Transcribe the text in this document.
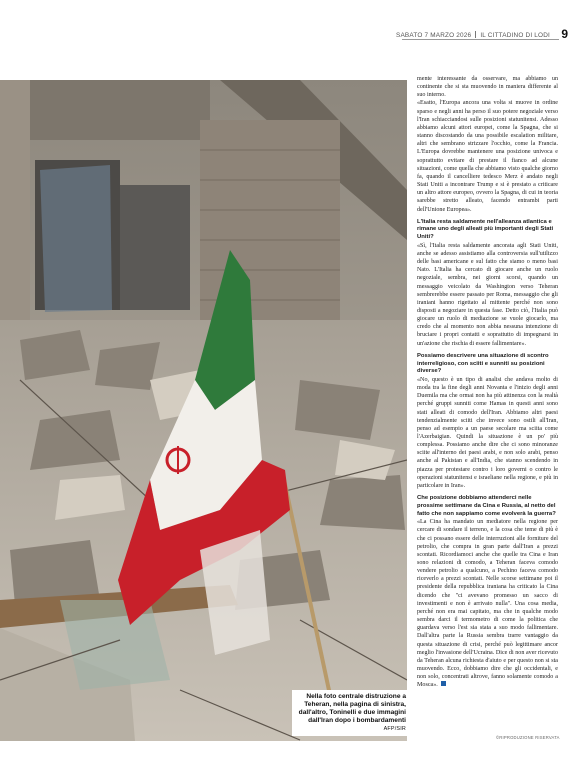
SABATO 7 MARZO 2026 IL CITTADINO DI LODI 9
Nella foto centrale distruzione a Teheran, nella pagina di sinistra, dall'altro, Toninelli e due immagini dall'Iran dopo i bombardamenti AFP/SIR

mente interessante da osservare, ma abbiamo un continente che si sta muovendo in maniera differente al suo interno.

«Esatto, l'Europa ancora una volta si muove in ordine sparso e negli anni ha perso il suo potere negoziale verso l'Iran schiacciandosi sulle posizioni statunitensi. Adesso abbiamo alcuni attori europei, come la Spagna, che si stanno discostando da una possibile escalation militare, altri che sembrano strizzare l'occhio, come la Francia. L'Europa dovrebbe mantenere una posizione univoca e soprattutto evitare di prestare il fianco ad alcune situazioni, come quella che abbiamo visto qualche giorno fa, quando il cancelliere tedesco Merz è andato negli Stati Uniti a incontrare Trump e si è prestato a criticare un altro attore europeo, ovvero la Spagna, di cui in teoria sarebbe stretto alleato, facendo entrambi parti dell'Unione Europea».

L'Italia resta saldamente nell'alleanza atlantica e rimane uno degli alleati più importanti degli Stati Uniti?

«Sì, l'Italia resta saldamente ancorata agli Stati Uniti, anche se adesso assistiamo alla controversia sull'utilizzo delle basi americane e sul fatto che siamo o meno basi Nato. L'Italia ha cercato di giocare anche un ruolo negoziale, sembra, nei giorni scorsi, quando un messaggio veicolato da Washington verso Teheran sembrerebbe essere passato per Roma, messaggio che gli iraniani hanno rigettato al mittente perché non sono disposti a negoziare in questa fase. Detto ciò, l'Italia può giocare un ruolo di mediazione se vuole giocarlo, ma credo che al momento non abbia nessuna intenzione di bruciare i propri contatti e soprattutto di impegnarsi in un'azione che rischia di essere fallimentare».

Possiamo descrivere una situazione di scontro interreligioso, con sciiti e sunniti su posizioni diverse?

«No, questo è un tipo di analisi che andava molto di moda tra la fine degli anni Novanta e l'inizio degli anni Duemila ma che ormai non ha più attinenza con la realtà perché gruppi sunniti come Hamas in questi anni sono stati alleati di comodo dell'Iran. Abbiamo altri paesi tendenzialmente sciiti che invece sono ostili all'Iran, penso ad esempio a un paese secolare ma sciita come l'Azerbaigian. Quindi la situazione è un po' più complessa. Possiamo anche dire che ci sono minoranze sciite all'interno dei paesi arabi, e non solo arabi, penso anche al Pakistan e all'India, che stanno scendendo in piazza per protestare contro i loro governi o contro le operazioni statunitensi e israeliane nella regione, e più in particolare in Iran».

Che posizione dobbiamo attenderci nelle prossime settimane da Cina e Russia, al netto del fatto che non sappiamo come evolverà la guerra?

«La Cina ha mandato un mediatore nella regione per cercare di sondare il terreno, e la cosa che teme di più è che ci possano essere delle interruzioni alle forniture del petrolio, che compra in gran parte dall'Iran a prezzi scontati. Ricordiamoci anche che quelle tra Cina e Iran sono relazioni di comodo, a Teheran faceva comodo vendere petrolio a qualcuno, a Pechino faceva comodo riceverlo a prezzi scontati. Nelle scorse settimane poi il presidente della repubblica iraniana ha criticato la Cina dicendo che "ci avevano promesso un sacco di investimenti e non è arrivato nulla". Una cosa media, perché non era mai capitato, ma che in qualche modo sembra darci il termometro di come la politica che guardava verso l'est sia stata a suo modo fallimentare. Dall'altra parte la Russia sembra trarre vantaggio da questa situazione di crisi, perché può legittimare ancor meglio l'invasione dell'Ucraina. Dice di non aver ricevuto da Teheran alcuna richiesta d'aiuto e per questo non si sta muovendo. Ecco, dobbiamo dire che gli occidentali, e non solo, concentrati altrove, fanno solamente comodo a Mosca».

©RIPRODUZIONE RISERVATA
